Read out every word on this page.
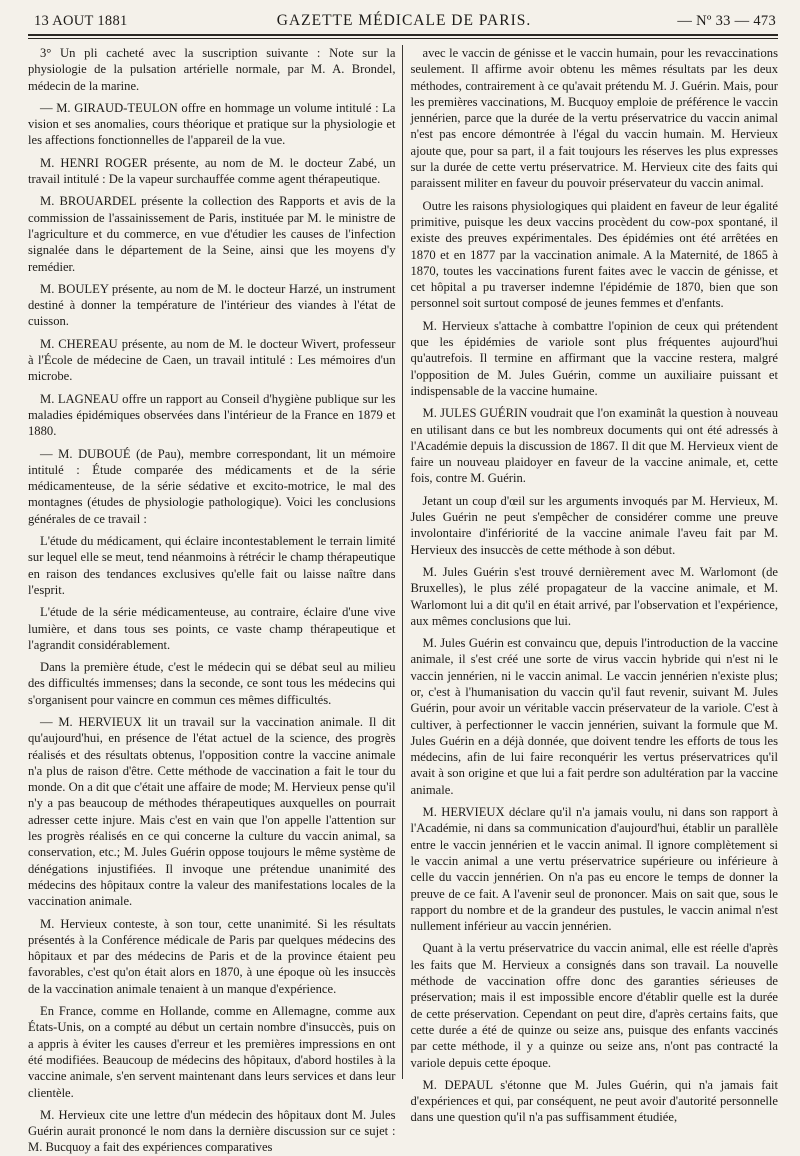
13 AOUT 1881	GAZETTE MÉDICALE DE PARIS.	— Nº 33 — 473

3° Un pli cacheté avec la suscription suivante : Note sur la physiologie de la pulsation artérielle normale, par M. A. Brondel, médecin de la marine.

— M. GIRAUD-TEULON offre en hommage un volume intitulé : La vision et ses anomalies, cours théorique et pratique sur la physiologie et les affections fonctionnelles de l'appareil de la vue.

M. HENRI ROGER présente, au nom de M. le docteur Zabé, un travail intitulé : De la vapeur surchauffée comme agent thérapeutique.

M. BROUARDEL présente la collection des Rapports et avis de la commission de l'assainissement de Paris, instituée par M. le ministre de l'agriculture et du commerce, en vue d'étudier les causes de l'infection signalée dans le département de la Seine, ainsi que les moyens d'y remédier.

M. BOULEY présente, au nom de M. le docteur Harzé, un instrument destiné à donner la température de l'intérieur des viandes à l'état de cuisson.

M. CHEREAU présente, au nom de M. le docteur Wivert, professeur à l'École de médecine de Caen, un travail intitulé : Les mémoires d'un microbe.

M. LAGNEAU offre un rapport au Conseil d'hygiène publique sur les maladies épidémiques observées dans l'intérieur de la France en 1879 et 1880.

— M. DUBOUÉ (de Pau), membre correspondant, lit un mémoire intitulé : Étude comparée des médicaments et de la série médicamenteuse, de la série sédative et excito-motrice, le mal des montagnes (études de physiologie pathologique). Voici les conclusions générales de ce travail :

L'étude du médicament, qui éclaire incontestablement le terrain limité sur lequel elle se meut, tend néanmoins à rétrécir le champ thérapeutique en raison des tendances exclusives qu'elle fait ou laisse naître dans l'esprit.

L'étude de la série médicamenteuse, au contraire, éclaire d'une vive lumière, et dans tous ses points, ce vaste champ thérapeutique et l'agrandit considérablement.

Dans la première étude, c'est le médecin qui se débat seul au milieu des difficultés immenses; dans la seconde, ce sont tous les médecins qui s'organisent pour vaincre en commun ces mêmes difficultés.

— M. HERVIEUX lit un travail sur la vaccination animale. Il dit qu'aujourd'hui, en présence de l'état actuel de la science, des progrès réalisés et des résultats obtenus, l'opposition contre la vaccine animale n'a plus de raison d'être. Cette méthode de vaccination a fait le tour du monde. On a dit que c'était une affaire de mode; M. Hervieux pense qu'il n'y a pas beaucoup de méthodes thérapeutiques auxquelles on pourrait adresser cette injure. Mais c'est en vain que l'on appelle l'attention sur les progrès réalisés en ce qui concerne la culture du vaccin animal, sa conservation, etc.; M. Jules Guérin oppose toujours le même système de dénégations injustifiées. Il invoque une prétendue unanimité des médecins des hôpitaux contre la valeur des manifestations locales de la vaccination animale.

M. Hervieux conteste, à son tour, cette unanimité. Si les résultats présentés à la Conférence médicale de Paris par quelques médecins des hôpitaux et par des médecins de Paris et de la province étaient peu favorables, c'est qu'on était alors en 1870, à une époque où les insuccès de la vaccination animale tenaient à un manque d'expérience.

En France, comme en Hollande, comme en Allemagne, comme aux États-Unis, on a compté au début un certain nombre d'insuccès, puis on a appris à éviter les causes d'erreur et les premières impressions en ont été modifiées. Beaucoup de médecins des hôpitaux, d'abord hostiles à la vaccine animale, s'en servent maintenant dans leurs services et dans leur clientèle.

M. Hervieux cite une lettre d'un médecin des hôpitaux dont M. Jules Guérin aurait prononcé le nom dans la dernière discussion sur ce sujet : M. Bucquoy a fait des expériences comparatives

avec le vaccin de génisse et le vaccin humain, pour les revaccinations seulement. Il affirme avoir obtenu les mêmes résultats par les deux méthodes, contrairement à ce qu'avait prétendu M. J. Guérin. Mais, pour les premières vaccinations, M. Bucquoy emploie de préférence le vaccin jennérien, parce que la durée de la vertu préservatrice du vaccin animal n'est pas encore démontrée à l'égal du vaccin humain. M. Hervieux ajoute que, pour sa part, il a fait toujours les réserves les plus expresses sur la durée de cette vertu préservatrice. M. Hervieux cite des faits qui paraissent militer en faveur du pouvoir préservateur du vaccin animal.

Outre les raisons physiologiques qui plaident en faveur de leur égalité primitive, puisque les deux vaccins procèdent du cow-pox spontané, il existe des preuves expérimentales. Des épidémies ont été arrêtées en 1870 et en 1877 par la vaccination animale. A la Maternité, de 1865 à 1870, toutes les vaccinations furent faites avec le vaccin de génisse, et cet hôpital a pu traverser indemne l'épidémie de 1870, bien que son personnel soit surtout composé de jeunes femmes et d'enfants.

M. Hervieux s'attache à combattre l'opinion de ceux qui prétendent que les épidémies de variole sont plus fréquentes aujourd'hui qu'autrefois. Il termine en affirmant que la vaccine restera, malgré l'opposition de M. Jules Guérin, comme un auxiliaire puissant et indispensable de la vaccine humaine.

M. JULES GUÉRIN voudrait que l'on examinât la question à nouveau en utilisant dans ce but les nombreux documents qui ont été adressés à l'Académie depuis la discussion de 1867. Il dit que M. Hervieux vient de faire un nouveau plaidoyer en faveur de la vaccine animale, et, cette fois, contre M. Guérin.

Jetant un coup d'œil sur les arguments invoqués par M. Hervieux, M. Jules Guérin ne peut s'empêcher de considérer comme une preuve involontaire d'infériorité de la vaccine animale l'aveu fait par M. Hervieux des insuccès de cette méthode à son début.

M. Jules Guérin s'est trouvé dernièrement avec M. Warlomont (de Bruxelles), le plus zélé propagateur de la vaccine animale, et M. Warlomont lui a dit qu'il en était arrivé, par l'observation et l'expérience, aux mêmes conclusions que lui.

M. Jules Guérin est convaincu que, depuis l'introduction de la vaccine animale, il s'est créé une sorte de virus vaccin hybride qui n'est ni le vaccin jennérien, ni le vaccin animal. Le vaccin jennérien n'existe plus; or, c'est à l'humanisation du vaccin qu'il faut revenir, suivant M. Jules Guérin, pour avoir un véritable vaccin préservateur de la variole. C'est à cultiver, à perfectionner le vaccin jennérien, suivant la formule que M. Jules Guérin en a déjà donnée, que doivent tendre les efforts de tous les médecins, afin de lui faire reconquérir les vertus préservatrices qu'il avait à son origine et que lui a fait perdre son adultération par la vaccine animale.

M. HERVIEUX déclare qu'il n'a jamais voulu, ni dans son rapport à l'Académie, ni dans sa communication d'aujourd'hui, établir un parallèle entre le vaccin jennérien et le vaccin animal. Il ignore complètement si le vaccin animal a une vertu préservatrice supérieure ou inférieure à celle du vaccin jennérien. On n'a pas eu encore le temps de donner la preuve de ce fait. A l'avenir seul de prononcer. Mais on sait que, sous le rapport du nombre et de la grandeur des pustules, le vaccin animal n'est nullement inférieur au vaccin jennérien.

Quant à la vertu préservatrice du vaccin animal, elle est réelle d'après les faits que M. Hervieux a consignés dans son travail. La nouvelle méthode de vaccination offre donc des garanties sérieuses de préservation; mais il est impossible encore d'établir quelle est la durée de cette préservation. Cependant on peut dire, d'après certains faits, que cette durée a été de quinze ou seize ans, puisque des enfants vaccinés par cette méthode, il y a quinze ou seize ans, n'ont pas contracté la variole depuis cette époque.

M. DEPAUL s'étonne que M. Jules Guérin, qui n'a jamais fait d'expériences et qui, par conséquent, ne peut avoir d'autorité personnelle dans une question qu'il n'a pas suffisamment étudiée,
